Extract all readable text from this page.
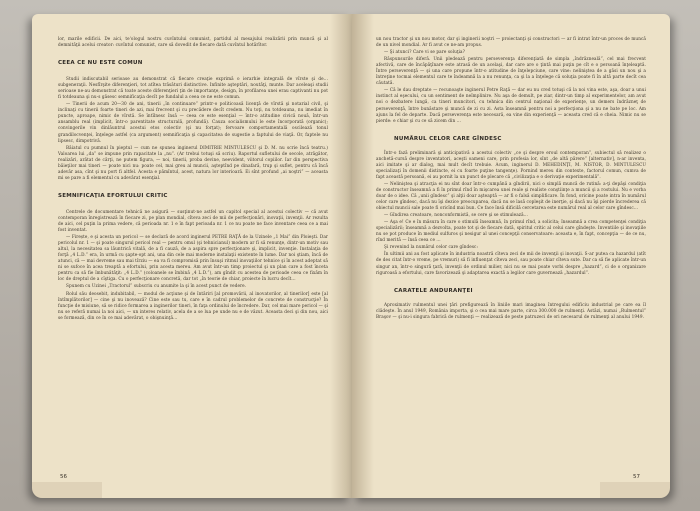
lor, marile edificii. De aici, te'ologul nostru cuvîntului comunist, partidul al mesajului realizării prin muncă şi al demnităţii acelui creator: cuvîntul comunist, care să dovedit de fiecare dată cuvîntul hotărîtor.

CEEA CE NU ESTE COMUN

Studii indiscutabil serioase au demonstrat că fiecare creaţie exprimă o ierarhie integrală de vîrste şi de... subgeneraţii. Nesfîrşite diferenţieri, tot atîtea trăsături distinctive. Infinite aşteptări, noutăţi, munte. Dar aceleaşi studii serioase ne-au demonstrat că toate aceste diferenţieri ţin de importanţe, design, în profilarea unei erau captivanti nu pot fi totdeauna şi nu-s găsesc semnificaţia decît pe fundalul a ceea ce ne este comun.

— Tinerii de acum 20—30 de ani, tinerii „în continuare” printr-o politicoasă licenţă de vîrstă şi notarial civil, şi inclinaţi cu tinerii foarte tineri de azi, mai frecvent şi cu precădere decît credem. Nu toţi, nu totdeauna, nu imediat în puncte, aproape, nimic de vîrstă. Se întîlnesc însă — ceea ce este esenţial — într-o atitudine civică nouă, într-un ansamblu real (implicit, într-o parentitate structurală, profundă). Cauza socialismului le este încorporată (organic); convingerile vin dinlăuntrul acestui etos colectiv (şi nu forţat); fervoare comportamentală oscilează tonul grandilocvenţei, înţelege astfel (ca argument) semnificaţia şi capacitatea de sugestie a faptului de viaţă. Or, faptele nu lipsesc, dimpotrivă.

Băiatul cu pumnul în pieptul — cum ne spunea inginerul DIMITRIE MINTULESCU şi D. M. nu scrie încă teatru.) Valoarea lui „da” se impune prin rapacitate la „nu”. (Ar trebui totuşi să scriu). Raportul sufletului de secole, atrăgător, realizări, arătat de cărţi, ne putem figura, — noi, tinerii, proba devine, neevident, viitorul copiilor. Iar din perspectiva băieţilor mai tineri — poate nici nu: poate cel, mai greu al muncii, aşteptînd pe dinafară, trup şi suflet, pentru că încă adevăr asa, cînt şi nu port fi altfel. Acesta e pămîntul, acest, natura lor interioară. Ei sînt profund „ai noştri” — aceasta mi se pare a fi elementul cu adevărat esenţial.

SEMNIFICAŢIA EFORTULUI CRITIC

Centrele de documentare tehnică ne asigură — susţinut-ne astfel un capitol special al acestui colectiv — că avut contemporan înregistrează în fiecare zi, pe plan mondial, cîteva zeci de mii de perfecţionări, inovaţii, invenţii. Ar rezulta de aici, cel puţin la prima vedere, că perioada nr. 1 e în fapt perioada nr. 1 ce nu poate ne face inventare ceea ce a mai fost inventat.

— Firește, e şi acesta un pericol — se declară de acord inginerul PETRE RAŢĂ de la Uzinele „1 Mai” din Ploieşti. Dar pericolul nr. 1 — şi poate singurul pericol real — pentru omul (şi tehnicianul) modern ar fi să renunţe, dintr-un motiv sau altul, la necesitatea sa lăuntrică vitală, de a fi cauză, de a aspira spre perfecţionare şi, implicit, invenţie. Instalaţia de forţă „4 L.D.” era, în urmă cu şapte-opt ani, una din cele mai moderne instalaţii existente în lume. Dar noi ştiam, încă de atunci, că — mai devreme sau mai tîrziu — ea va fi compromisă prin însuşi ritmul inovaţiilor tehnice şi în acest adeptat să ni se sufoce în acea treaptă a efortului, prin acesta mereu. Am avut într-un timp proiectul şi un plan care a fost înceta pentru ca să fie îmbunătăţit: „4 L.D.” (coloanele se îmbină „4 L.D.”), am gîndit cu acestea de perioade ceea ce fixăm în loc de dreptul de a cîştiga. Cu o perfecţionare concretă, dar tot „în teorie de chiar, proiecte în lucru decît...

Spunem cu Uzinei „Tractorul” subscriu cu anumite la şi în acest punct de vedere.

Rolul său deosebit, indubitabil, — modul de acţiune şi de întăriri [al promovării, al inovatorilor, al tinerilor] este [al întîmplătorilor] — cine şi nu inovează? Cine este sau tu, care e în cadrul problemelor de concrete de construcţie? În funcţie de misiune, să se ridice formarea a inginerilor tineri, în faţa ordinului de încredere. Dar, cel mai mare pericol — şi nu se referă numai la noi aici, — un interes relativ, acela de a se lua pe unde nu e de văzut. Aceasta deci şi din nou, aici se formează, din ce în ce mai adevărat, o obişnuinţă...

56

un nou tractor şi un nou motor, dar şi inginerii noştri — proiectanţi şi constructori — ar fi intrat într-un proces de muncă de un nivel mondial. Ar fi avut ce ne-am propus.

— Şi atunci? Care vi se pare soluţia?

Răspunsurile diferă. Unii pledează pentru perseverenţa diferenţiată de simpla „îndrăzneală”, cel mai frecvent afectivă, care de încăpăţînare este atrasă de un acelaşi, dar care are o ţintă mai puţin pe cît e o persoană înţeleaptă. Între perseverenţă — şi una care propune într-o atitudine de înţelepciune, care vine: neliniştea de a găsi un nou şi a întreţine tocmai elementul care te îndeamnă la a nu renunţa, ca şi la a înţelege că soluţia poate fi în altă parte decît cea căutată.

— Că le dau dreptate — recunoaşte inginerul Petre Raţă — dar eu nu cred totuşi că la noi vina este, aşa, doar a unui instinct al eşecului, cu un sentiment de neîmplinire. Nu aşa de demult, pe ziar, dintr-un timp al experimentelor, am avut noi o dezbatere lungă, ca tineri muncitori, cu tehnica din centrul naţional de experienţe, un demers îndrăzneţ de perseverenţă, între bunăstare şi muncă de zi cu zi. Asta înseamnă pentru noi a perfecţiona şi a nu ne bate pe loc. Am ajuns la fel de departe. Dacă perseverenţa este necesară, ea vine din experienţă — aceasta cred că e cheia. Nimic nu se pierde: e chiar şi cu ce să zicem din ...

NUMĂRUL CELOR CARE GÎNDESC

Într-o fază preliminară şi anticipativă a acestui colectiv „ce şi despre eroul contemporan”, subiectul să realizez o anchetă-cursă despre inventatori, aceşti oameni care, prin profesia lor, sînt „de altă părere” [alternativ], n-ar inventa, aici imitate şi ar dialog, mai mult decît trebuie. Acum, inginerul D. MEHEDINŢI, M. NISTOR, D. MINTULESCU specializaţi în domenii distincte, ei cu foarte puţine tangenţe). Pornind mereu din contexte, factorul comun, cumva de fapt această persoană, ei au pornit la un punct de plecare că „civilizaţia e o derivaţie experimentală”.

— Neliniştea şi atracţia ei nu sînt doar într-o cumpănă a gîndirii, nici o simplă muncă de rutină: a-ţi depăşi condiţia de constructor înseamnă a fi în primul rînd în mişcarea unei reale şi realiste conştiinţe a muncii şi a rostului. Nu e vorba doar de o idee. Că „unii gîndesc” şi alţii doar aşteaptă — ar fi o falsă simplificare. În fond, oricine poate intra în numărul celor care gîndesc, dacă nu îşi dezice preocuparea, dacă nu se lasă copleşit de inerţie, şi dacă nu îşi pierde încrederea că obiectul muncii sale poate fi oricînd mai bun. Ce face însă dificilă cercetarea este numărul real al celor care gîndesc...

— Gîndirea creatoare, nonconformistă, se cere şi se stimulează...

— Aşa e! Ce e în măsura în care o stimulă înseamnă, în primul rînd, a solicita; înseamnă a crea competenţei condiţia specializării; înseamnă a dezvolta, poate tot şi de fiecare dată, spiritul critic al celui care gîndeşte. Inventiile şi inovaţiile nu se pot produce în mediul sulfuros şi nesigur al unei concepţii conservatoare: aceasta e, în fapt, concepţia — de ce nu, rînd merită — însă ceea ce ...

Şi revenind la numărul celor care gîndesc:

În ultimii ani au fost aplicate în industria noastră cîteva zeci de mii de invenţii şi inovaţii. S-ar putea ca hazardul (atît de des citat într-o vreme, pe vremuri) să fi influenţat cîteva zeci, sau poate chiar cîteva sute. Dar ca să fie aplicate într-un singur an, într-o singură ţară, invenţii de ordinul milier, nici nu se mai poate vorbi despre „hazard”, ci de o organizare riguroasă a efortului, care favorizează şi adaptarea exactă a legilor care guvernează „hazardul”.

CARATELE ANDURANŢEI

Aproximativ rulmentul unei ţări prefigurează în liniile mari imaginea întregului edificiu industrial pe care ea îl clădeşte. În anul 1949, România importa, şi o cea mai mare parte, circa 300.000 de rulmenţi. Astăzi, numai „Rulmentul” Braşov — şi nu-i singura fabrică de rulmenţi — realizează de peste patruzeci de ori necesarul de rulmenţi al anului 1949.

57
